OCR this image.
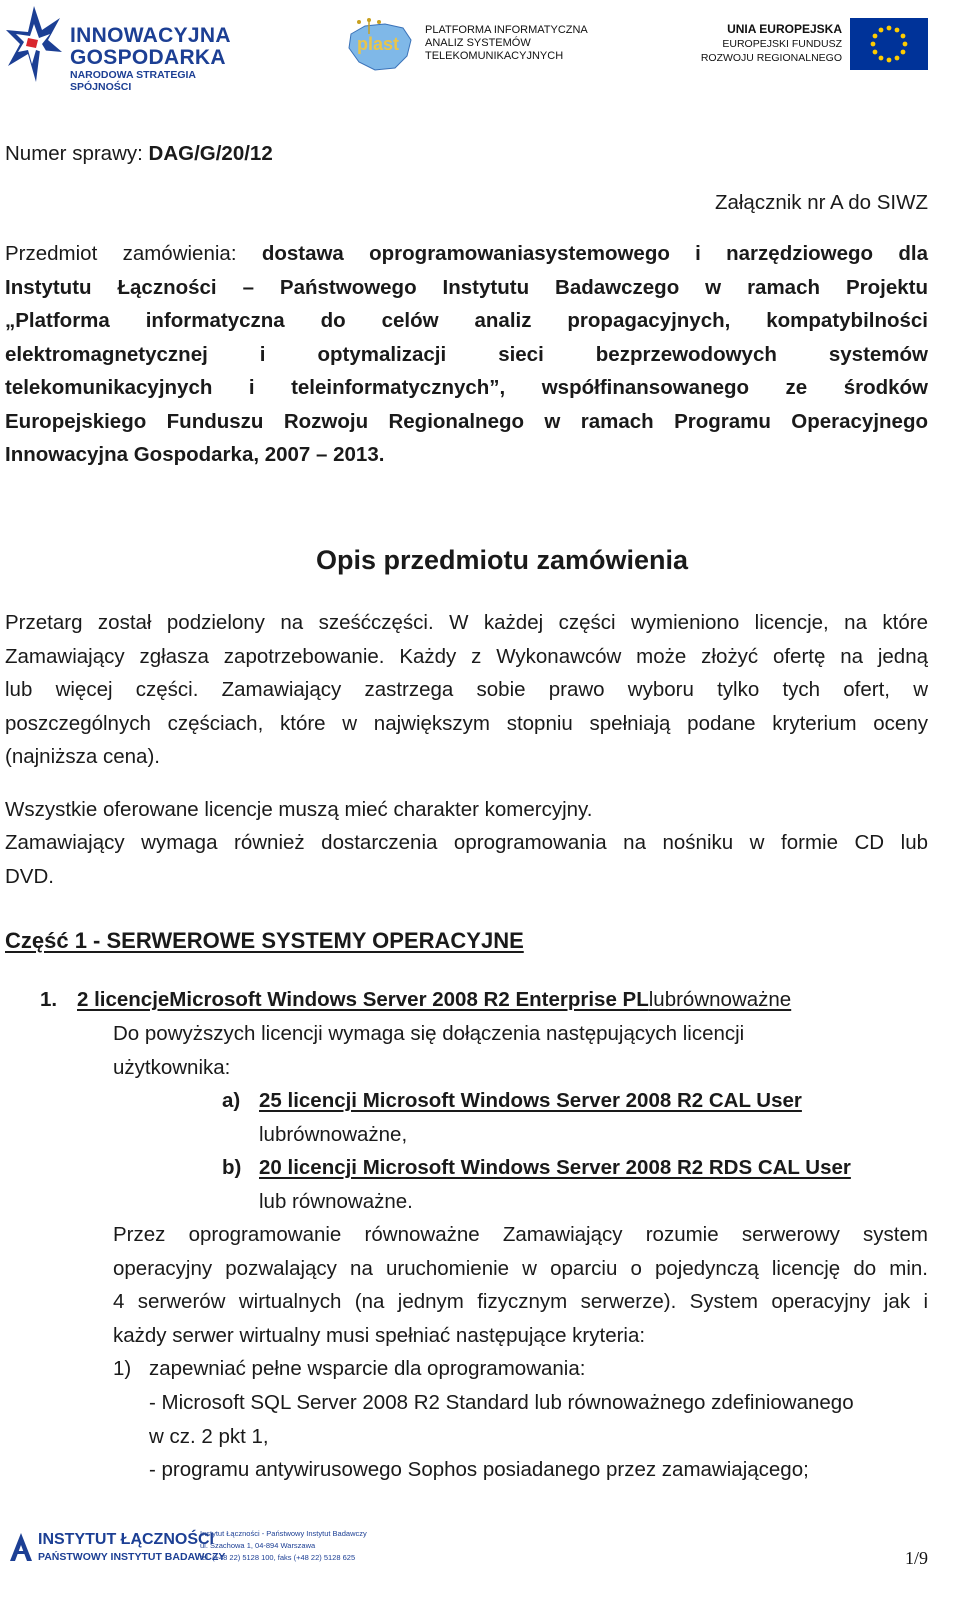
INNOWACYJNA
GOSPODARKA
NARODOWA STRATEGIA SPÓJNOŚCI
plast
PLATFORMA INFORMATYCZNA
ANALIZ SYSTEMÓW
TELEKOMUNIKACYJNYCH
UNIA EUROPEJSKA
EUROPEJSKI FUNDUSZ
ROZWOJU REGIONALNEGO
Numer sprawy: DAG/G/20/12
Załącznik nr A do SIWZ
Przedmiot zamówienia: dostawa oprogramowaniasystemowego i narzędziowego dla
Instytutu Łączności – Państwowego Instytutu Badawczego w ramach Projektu
„Platforma informatyczna do celów analiz propagacyjnych, kompatybilności
elektromagnetycznej i optymalizacji sieci bezprzewodowych systemów
telekomunikacyjnych i teleinformatycznych”, współfinansowanego ze środków
Europejskiego Funduszu Rozwoju Regionalnego w ramach Programu Operacyjnego
Innowacyjna Gospodarka, 2007 – 2013.
Opis przedmiotu zamówienia
Przetarg został podzielony na sześćczęści. W każdej części wymieniono licencje, na które
Zamawiający zgłasza zapotrzebowanie. Każdy z Wykonawców może złożyć ofertę na jedną
lub więcej części. Zamawiający zastrzega sobie prawo wyboru tylko tych ofert, w
poszczególnych częściach, które w największym stopniu spełniają podane kryterium oceny
(najniższa cena).
Wszystkie oferowane licencje muszą mieć charakter komercyjny.
Zamawiający wymaga również dostarczenia oprogramowania na nośniku w formie CD lub
DVD.
Część 1 - SERWEROWE SYSTEMY OPERACYJNE
1. 2 licencjeMicrosoft Windows Server 2008 R2 Enterprise PLlubrównoważne
Do powyższych licencji wymaga się dołączenia następujących licencji
użytkownika:
a) 25 licencji Microsoft Windows Server 2008 R2 CAL User
lubrównoważne,
b) 20 licencji Microsoft Windows Server 2008 R2 RDS CAL User
lub równoważne.
Przez oprogramowanie równoważne Zamawiający rozumie serwerowy system
operacyjny pozwalający na uruchomienie w oparciu o pojedynczą licencję do min.
4 serwerów wirtualnych (na jednym fizycznym serwerze). System operacyjny jak i
każdy serwer wirtualny musi spełniać następujące kryteria:
1) zapewniać pełne wsparcie dla oprogramowania:
- Microsoft SQL Server 2008 R2 Standard lub równoważnego zdefiniowanego
w cz. 2 pkt 1,
- programu antywirusowego Sophos posiadanego przez zamawiającego;
INSTYTUT ŁĄCZNOŚCI
PAŃSTWOWY INSTYTUT BADAWCZY
Instytut Łączności - Państwowy Instytut Badawczy
ul. Szachowa 1, 04-894 Warszawa
tel. (+48 22) 5128 100, faks (+48 22) 5128 625	1/9
